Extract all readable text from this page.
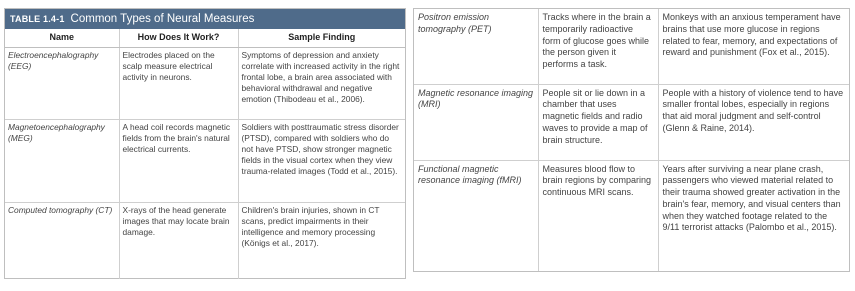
TABLE 1.4-1 Common Types of Neural Measures
Name	How Does It Work?	Sample Finding
Electroencephalography (EEG)	Electrodes placed on the scalp measure electrical activity in neurons.	Symptoms of depression and anxiety correlate with increased activity in the right frontal lobe, a brain area associated with behavioral withdrawal and negative emotion (Thibodeau et al., 2006).
Magnetoencephalography (MEG)	A head coil records magnetic fields from the brain's natural electrical currents.	Soldiers with posttraumatic stress disorder (PTSD), compared with soldiers who do not have PTSD, show stronger magnetic fields in the visual cortex when they view trauma-related images (Todd et al., 2015).
Computed tomography (CT)	X-rays of the head generate images that may locate brain damage.	Children's brain injuries, shown in CT scans, predict impairments in their intelligence and memory processing (Königs et al., 2017).
Positron emission tomography (PET)	Tracks where in the brain a temporarily radioactive form of glucose goes while the person given it performs a task.	Monkeys with an anxious temperament have brains that use more glucose in regions related to fear, memory, and expectations of reward and punishment (Fox et al., 2015).
Magnetic resonance imaging (MRI)	People sit or lie down in a chamber that uses magnetic fields and radio waves to provide a map of brain structure.	People with a history of violence tend to have smaller frontal lobes, especially in regions that aid moral judgment and self-control (Glenn & Raine, 2014).
Functional magnetic resonance imaging (fMRI)	Measures blood flow to brain regions by comparing continuous MRI scans.	Years after surviving a near plane crash, passengers who viewed material related to their trauma showed greater activation in the brain's fear, memory, and visual centers than when they watched footage related to the 9/11 terrorist attacks (Palombo et al., 2015).
